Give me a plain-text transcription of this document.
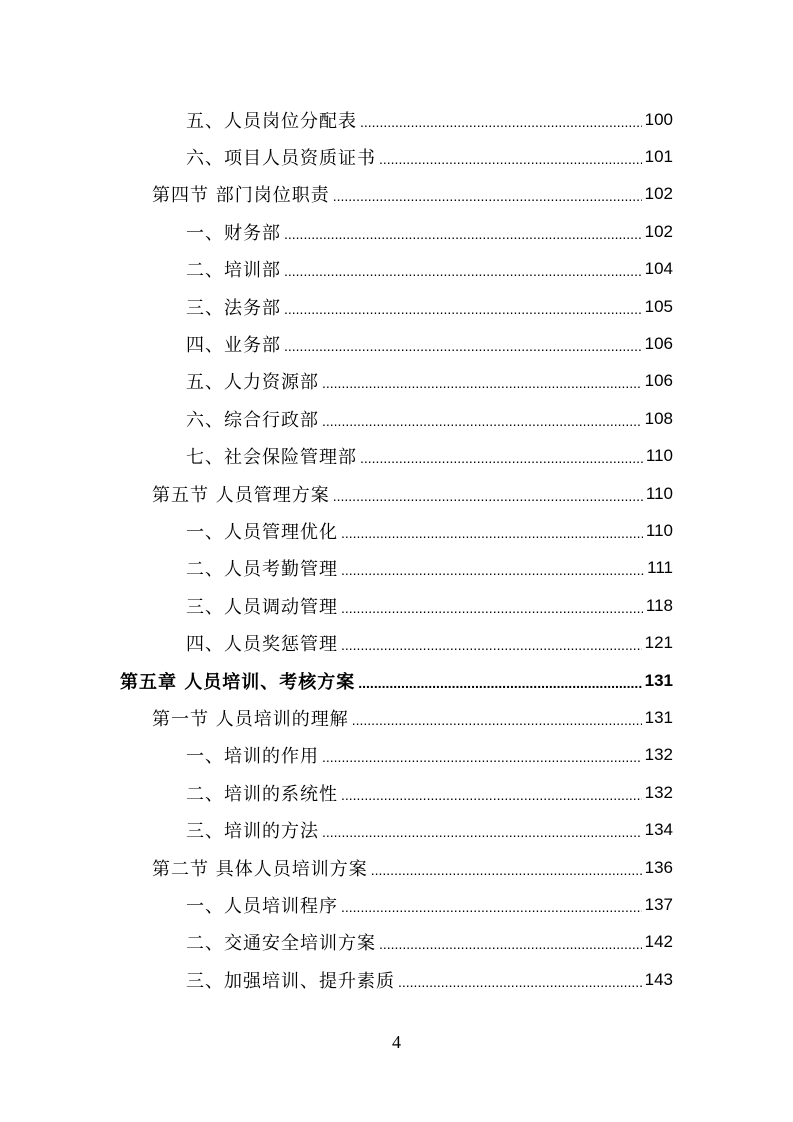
五、人员岗位分配表 .....	100
六、项目人员资质证书 .....	101
第四节 部门岗位职责 .....	102
一、财务部 .....	102
二、培训部 .....	104
三、法务部 .....	105
四、业务部 .....	106
五、人力资源部 .....	106
六、综合行政部 .....	108
七、社会保险管理部 .....	110
第五节 人员管理方案 .....	110
一、人员管理优化 .....	110
二、人员考勤管理 .....	111
三、人员调动管理 .....	118
四、人员奖惩管理 .....	121
第五章 人员培训、考核方案 .....	131
第一节 人员培训的理解 .....	131
一、培训的作用 .....	132
二、培训的系统性 .....	132
三、培训的方法 .....	134
第二节 具体人员培训方案 .....	136
一、人员培训程序 .....	137
二、交通安全培训方案 .....	142
三、加强培训、提升素质 .....	143
4
